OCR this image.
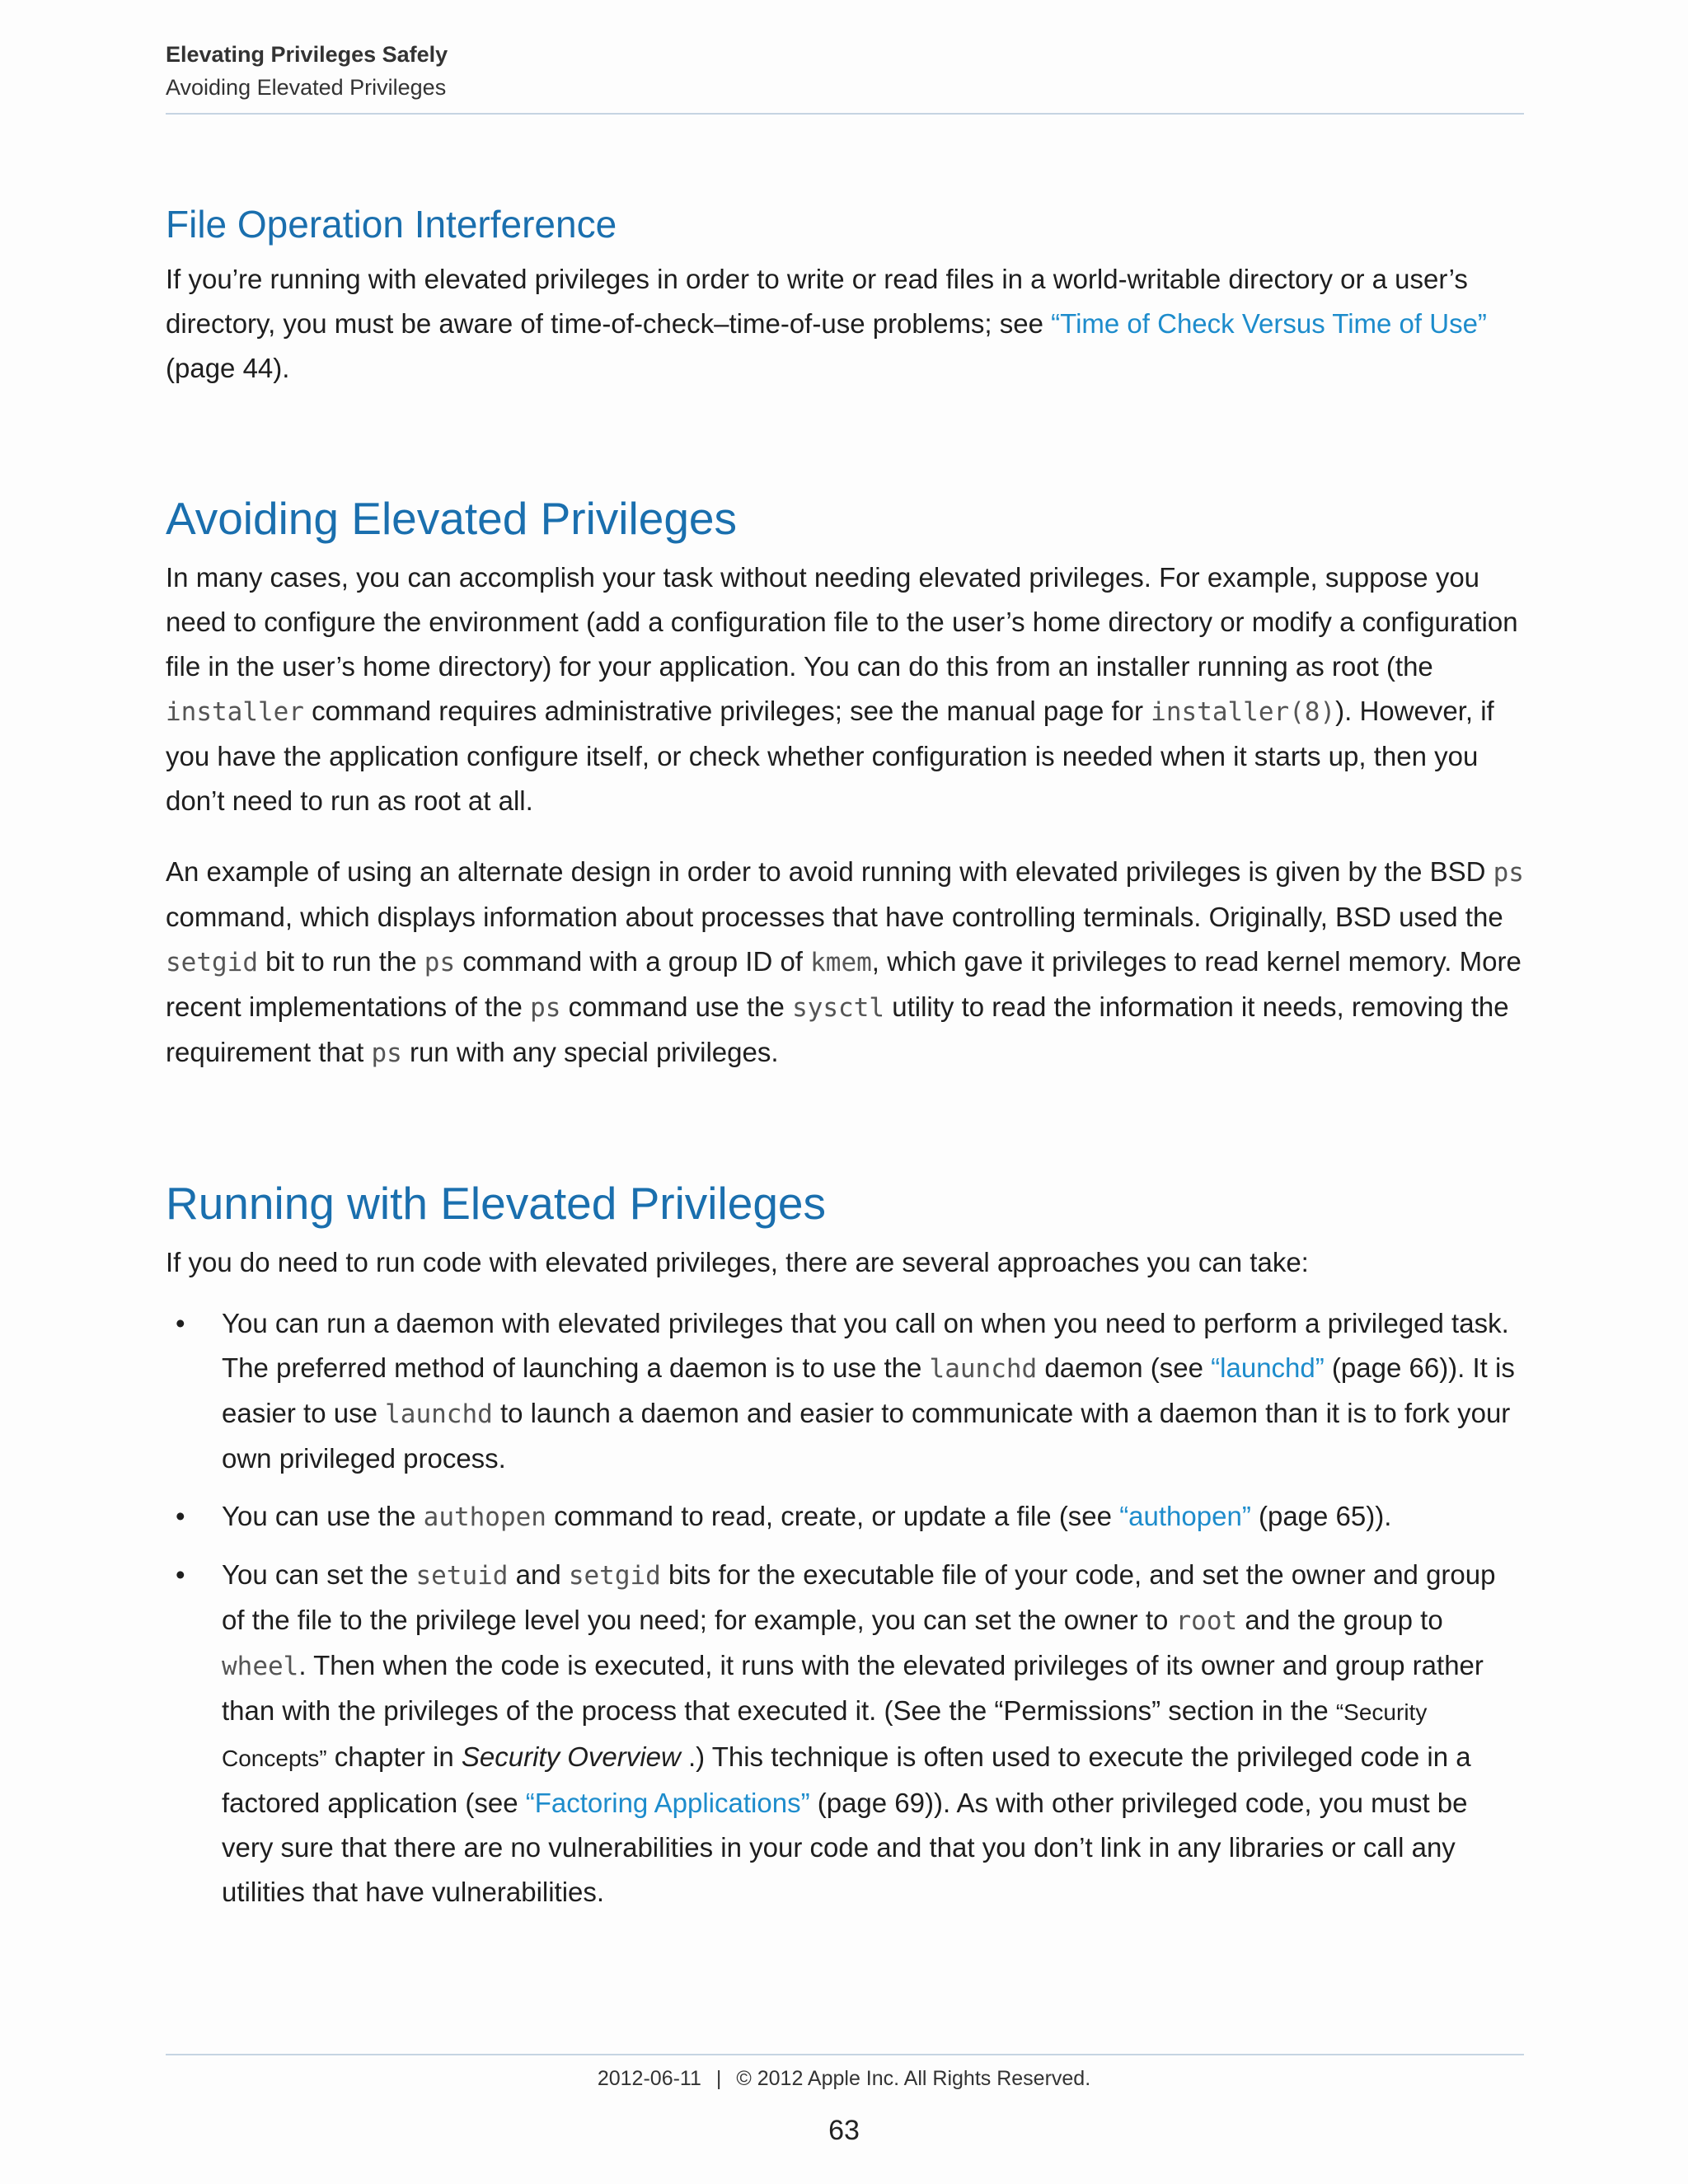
Elevating Privileges Safely
Avoiding Elevated Privileges
File Operation Interference

If you’re running with elevated privileges in order to write or read files in a world-writable directory or a user’s directory, you must be aware of time-of-check–time-of-use problems; see “Time of Check Versus Time of Use” (page 44).

Avoiding Elevated Privileges

In many cases, you can accomplish your task without needing elevated privileges. For example, suppose you need to configure the environment (add a configuration file to the user’s home directory or modify a configuration file in the user’s home directory) for your application. You can do this from an installer running as root (the installer command requires administrative privileges; see the manual page for installer(8)). However, if you have the application configure itself, or check whether configuration is needed when it starts up, then you don’t need to run as root at all.

An example of using an alternate design in order to avoid running with elevated privileges is given by the BSD ps command, which displays information about processes that have controlling terminals. Originally, BSD used the setgid bit to run the ps command with a group ID of kmem, which gave it privileges to read kernel memory. More recent implementations of the ps command use the sysctl utility to read the information it needs, removing the requirement that ps run with any special privileges.

Running with Elevated Privileges

If you do need to run code with elevated privileges, there are several approaches you can take:

• You can run a daemon with elevated privileges that you call on when you need to perform a privileged task. The preferred method of launching a daemon is to use the launchd daemon (see “launchd” (page 66)). It is easier to use launchd to launch a daemon and easier to communicate with a daemon than it is to fork your own privileged process.
• You can use the authopen command to read, create, or update a file (see “authopen” (page 65)).
• You can set the setuid and setgid bits for the executable file of your code, and set the owner and group of the file to the privilege level you need; for example, you can set the owner to root and the group to wheel. Then when the code is executed, it runs with the elevated privileges of its owner and group rather than with the privileges of the process that executed it. (See the “Permissions” section in the “Security Concepts” chapter in Security Overview .) This technique is often used to execute the privileged code in a factored application (see “Factoring Applications” (page 69)). As with other privileged code, you must be very sure that there are no vulnerabilities in your code and that you don’t link in any libraries or call any utilities that have vulnerabilities.
2012-06-11 | © 2012 Apple Inc. All Rights Reserved.
63
